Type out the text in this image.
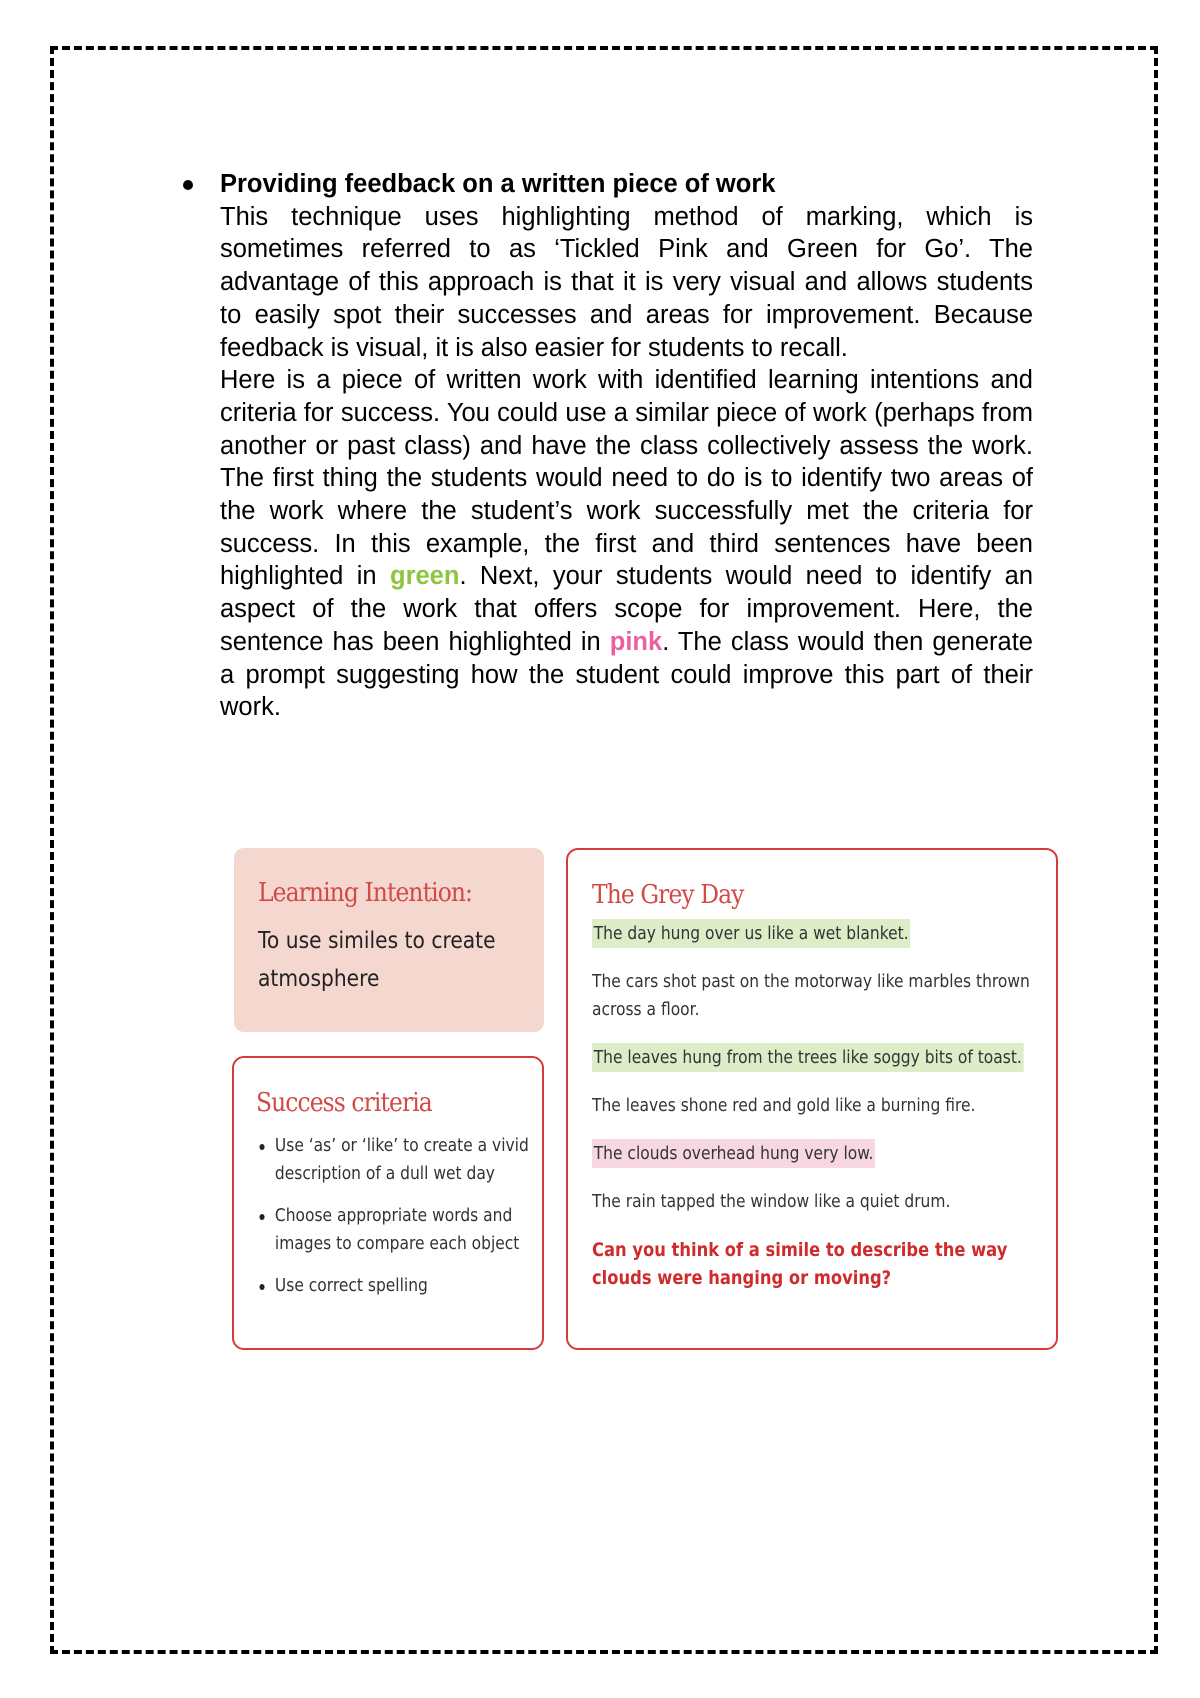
Providing feedback on a written piece of work

This technique uses highlighting method of marking, which is sometimes referred to as ‘Tickled Pink and Green for Go’. The advantage of this approach is that it is very visual and allows students to easily spot their successes and areas for improvement. Because feedback is visual, it is also easier for students to recall.

Here is a piece of written work with identified learning intentions and criteria for success. You could use a similar piece of work (perhaps from another or past class) and have the class collectively assess the work. The first thing the students would need to do is to identify two areas of the work where the student’s work successfully met the criteria for success. In this example, the first and third sentences have been highlighted in green. Next, your students would need to identify an aspect of the work that offers scope for improvement. Here, the sentence has been highlighted in pink. The class would then generate a prompt suggesting how the student could improve this part of their work.

Learning Intention:
To use similes to create atmosphere
Success criteria
Use ‘as’ or ‘like’ to create a vivid description of a dull wet day
Choose appropriate words and images to compare each object
Use correct spelling
The Grey Day
The day hung over us like a wet blanket.
The cars shot past on the motorway like marbles thrown across a floor.
The leaves hung from the trees like soggy bits of toast.
The leaves shone red and gold like a burning fire.
The clouds overhead hung very low.
The rain tapped the window like a quiet drum.
Can you think of a simile to describe the way clouds were hanging or moving?
